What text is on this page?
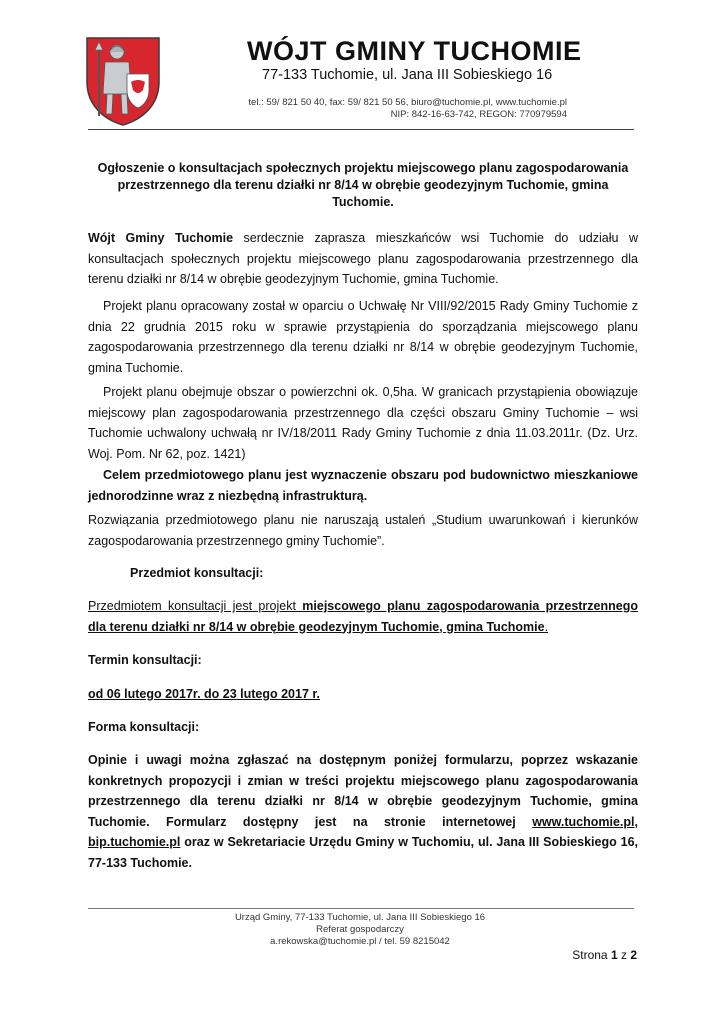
WÓJT GMINY TUCHOMIE
77-133 Tuchomie, ul. Jana III Sobieskiego 16
tel.: 59/ 821 50 40, fax: 59/ 821 50 56, biuro@tuchomie.pl, www.tuchomie.pl
NIP: 842-16-63-742, REGON: 770979594
Ogłoszenie o konsultacjach społecznych projektu miejscowego planu zagospodarowania
przestrzennego dla terenu działki nr 8/14 w obrębie geodezyjnym Tuchomie, gmina Tuchomie.

Wójt Gminy Tuchomie serdecznie zaprasza mieszkańców wsi Tuchomie do udziału w konsultacjach społecznych projektu miejscowego planu zagospodarowania przestrzennego dla terenu działki nr 8/14 w obrębie geodezyjnym Tuchomie, gmina Tuchomie.

Projekt planu opracowany został w oparciu o Uchwałę Nr VIII/92/2015 Rady Gminy Tuchomie z dnia 22 grudnia 2015 roku w sprawie przystąpienia do sporządzania miejscowego planu zagospodarowania przestrzennego dla terenu działki nr 8/14 w obrębie geodezyjnym Tuchomie, gmina Tuchomie.

Projekt planu obejmuje obszar o powierzchni ok. 0,5ha. W granicach przystąpienia obowiązuje miejscowy plan zagospodarowania przestrzennego dla części obszaru Gminy Tuchomie – wsi Tuchomie uchwalony uchwałą nr IV/18/2011 Rady Gminy Tuchomie z dnia 11.03.2011r. (Dz. Urz. Woj. Pom. Nr 62, poz. 1421)

Celem przedmiotowego planu jest wyznaczenie obszaru pod budownictwo mieszkaniowe jednorodzinne wraz z niezbędną infrastrukturą.

Rozwiązania przedmiotowego planu nie naruszają ustaleń „Studium uwarunkowań i kierunków zagospodarowania przestrzennego gminy Tuchomie”.

Przedmiot konsultacji:

Przedmiotem konsultacji jest projekt miejscowego planu zagospodarowania przestrzennego dla terenu działki nr 8/14 w obrębie geodezyjnym Tuchomie, gmina Tuchomie.

Termin konsultacji:
od 06 lutego 2017r. do 23 lutego 2017 r.
Forma konsultacji:

Opinie i uwagi można zgłaszać na dostępnym poniżej formularzu, poprzez wskazanie konkretnych propozycji i zmian w treści projektu miejscowego planu zagospodarowania przestrzennego dla terenu działki nr 8/14 w obrębie geodezyjnym Tuchomie, gmina Tuchomie. Formularz dostępny jest na stronie internetowej www.tuchomie.pl, bip.tuchomie.pl oraz w Sekretariacie Urzędu Gminy w Tuchomiu, ul. Jana III Sobieskiego 16, 77-133 Tuchomie.

Urząd Gminy, 77-133 Tuchomie, ul. Jana III Sobieskiego 16
Referat gospodarczy
a.rekowska@tuchomie.pl / tel. 59 8215042
Strona 1 z 2
